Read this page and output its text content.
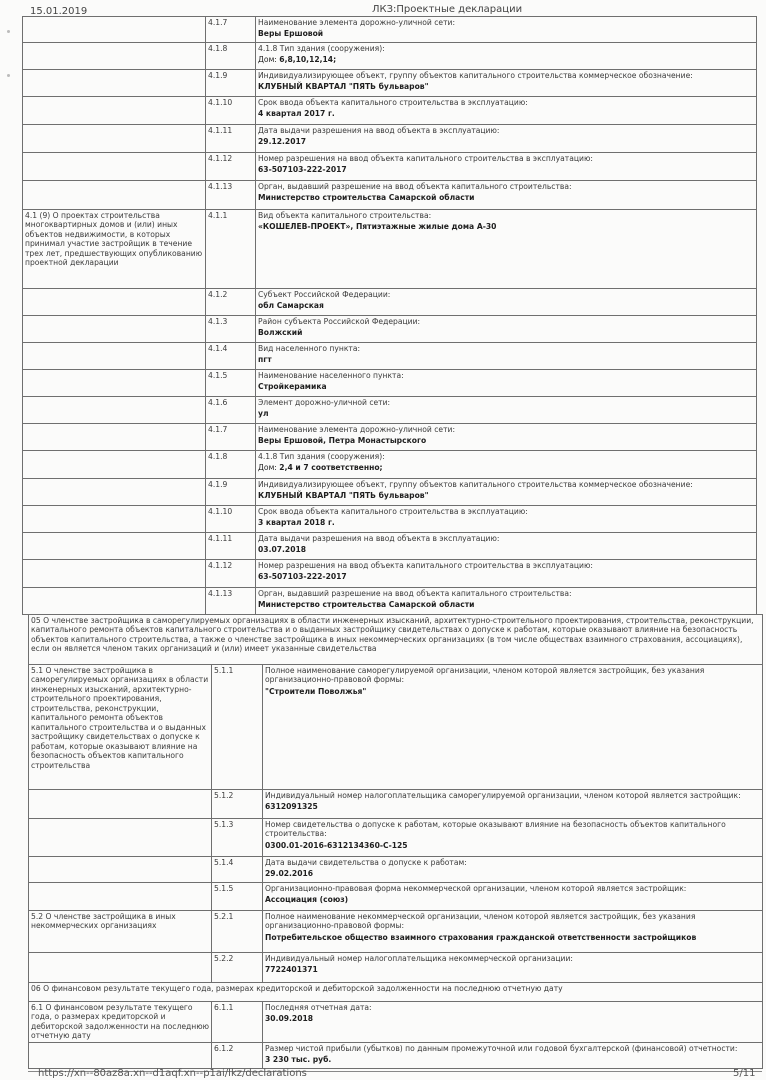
15.01.2019	ЛКЗ:Проектные декларации
	4.1.7	Наименование элемента дорожно-уличной сети:
Веры Ершовой

	4.1.8	4.1.8 Тип здания (сооружения):
Дом: 6,8,10,12,14;

	4.1.9	Индивидуализирующее объект, группу объектов капитального строительства коммерческое обозначение:
КЛУБНЫЙ КВАРТАЛ "ПЯТЬ бульваров"

	4.1.10	Срок ввода объекта капитального строительства в эксплуатацию:
4 квартал 2017 г.

	4.1.11	Дата выдачи разрешения на ввод объекта в эксплуатацию:
29.12.2017

	4.1.12	Номер разрешения на ввод объекта капитального строительства в эксплуатацию:
63-507103-222-2017

	4.1.13	Орган, выдавший разрешение на ввод объекта капитального строительства:
Министерство строительства Самарской области

4.1 (9) О проектах строительства многоквартирных домов и (или) иных объектов недвижимости, в которых принимал участие застройщик в течение трех лет, предшествующих опубликованию проектной декларации	4.1.1	Вид объекта капитального строительства:
«КОШЕЛЕВ-ПРОЕКТ», Пятиэтажные жилые дома А-30

	4.1.2	Субъект Российской Федерации:
обл Самарская

	4.1.3	Район субъекта Российской Федерации:
Волжский

	4.1.4	Вид населенного пункта:
пгт

	4.1.5	Наименование населенного пункта:
Стройкерамика

	4.1.6	Элемент дорожно-уличной сети:
ул

	4.1.7	Наименование элемента дорожно-уличной сети:
Веры Ершовой, Петра Монастырского

	4.1.8	4.1.8 Тип здания (сооружения):
Дом: 2,4 и 7 соответственно;

	4.1.9	Индивидуализирующее объект, группу объектов капитального строительства коммерческое обозначение:
КЛУБНЫЙ КВАРТАЛ "ПЯТЬ бульваров"

	4.1.10	Срок ввода объекта капитального строительства в эксплуатацию:
3 квартал 2018 г.

	4.1.11	Дата выдачи разрешения на ввод объекта в эксплуатацию:
03.07.2018

	4.1.12	Номер разрешения на ввод объекта капитального строительства в эксплуатацию:
63-507103-222-2017

	4.1.13	Орган, выдавший разрешение на ввод объекта капитального строительства:
Министерство строительства Самарской области
05 О членстве застройщика в саморегулируемых организациях в области инженерных изысканий, архитектурно-строительного проектирования, строительства, реконструкции, капитального ремонта объектов капитального строительства и о выданных застройщику свидетельствах о допуске к работам, которые оказывают влияние на безопасность объектов капитального строительства, а также о членстве застройщика в иных некоммерческих организациях (в том числе обществах взаимного страхования, ассоциациях), если он является членом таких организаций и (или) имеет указанные свидетельства		
5.1 О членстве застройщика в саморегулируемых организациях в области инженерных изысканий, архитектурно-строительного проектирования, строительства, реконструкции, капитального ремонта объектов капитального строительства и о выданных застройщику свидетельствах о допуске к работам, которые оказывают влияние на безопасность объектов капитального строительства	5.1.1	Полное наименование саморегулируемой организации, членом которой является застройщик, без указания организационно-правовой формы:
"Строители Поволжья"

	5.1.2	Индивидуальный номер налогоплательщика саморегулируемой организации, членом которой является застройщик:
6312091325

	5.1.3	Номер свидетельства о допуске к работам, которые оказывают влияние на безопасность объектов капитального строительства:
0300.01-2016-6312134360-С-125

	5.1.4	Дата выдачи свидетельства о допуске к работам:
29.02.2016

	5.1.5	Организационно-правовая форма некоммерческой организации, членом которой является застройщик:
Ассоциация (союз)

5.2 О членстве застройщика в иных некоммерческих организациях	5.2.1	Полное наименование некоммерческой организации, членом которой является застройщик, без указания организационно-правовой формы:
Потребительское общество взаимного страхования гражданской ответственности застройщиков

	5.2.2	Индивидуальный номер налогоплательщика некоммерческой организации:
7722401371

06 О финансовом результате текущего года, размерах кредиторской и дебиторской задолженности на последнюю отчетную дату		
6.1 О финансовом результате текущего года, о размерах кредиторской и дебиторской задолженности на последнюю отчетную дату	6.1.1	Последняя отчетная дата:
30.09.2018

	6.1.2	Размер чистой прибыли (убытков) по данным промежуточной или годовой бухгалтерской (финансовой) отчетности:
3 230 тыс. руб.
https://xn--80az8a.xn--d1aqf.xn--p1ai/lkz/declarations	5/11
